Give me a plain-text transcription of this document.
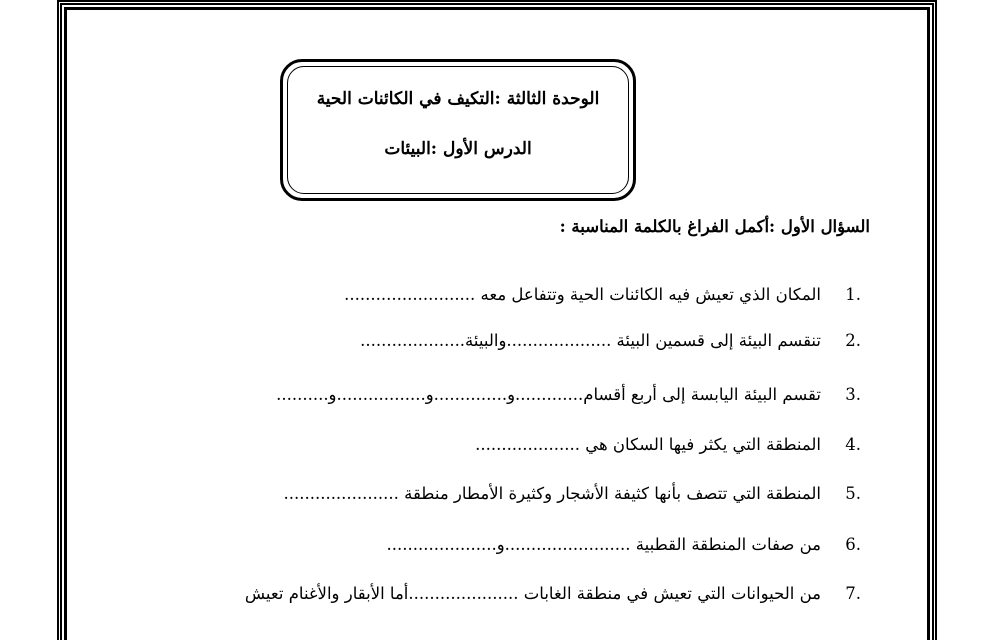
الوحدة الثالثة :التكيف في الكائنات الحية
الدرس الأول :البيئات
السؤال الأول :أكمل الفراغ بالكلمة المناسبة :
.1المكان الذي تعيش فيه الكائنات الحية وتتفاعل معه .........................
.2تنقسم البيئة إلى قسمين البيئة ....................والبيئة....................
.3تقسم البيئة اليابسة إلى أربع أقسام.............و..............و.................و..........
.4المنطقة التي يكثر فيها السكان هي ....................
.5المنطقة التي تتصف بأنها كثيفة الأشجار وكثيرة الأمطار منطقة ......................
.6من صفات المنطقة القطبية ........................و.....................
.7من الحيوانات التي تعيش في منطقة الغابات .....................أما الأبقار والأغنام تعيش
